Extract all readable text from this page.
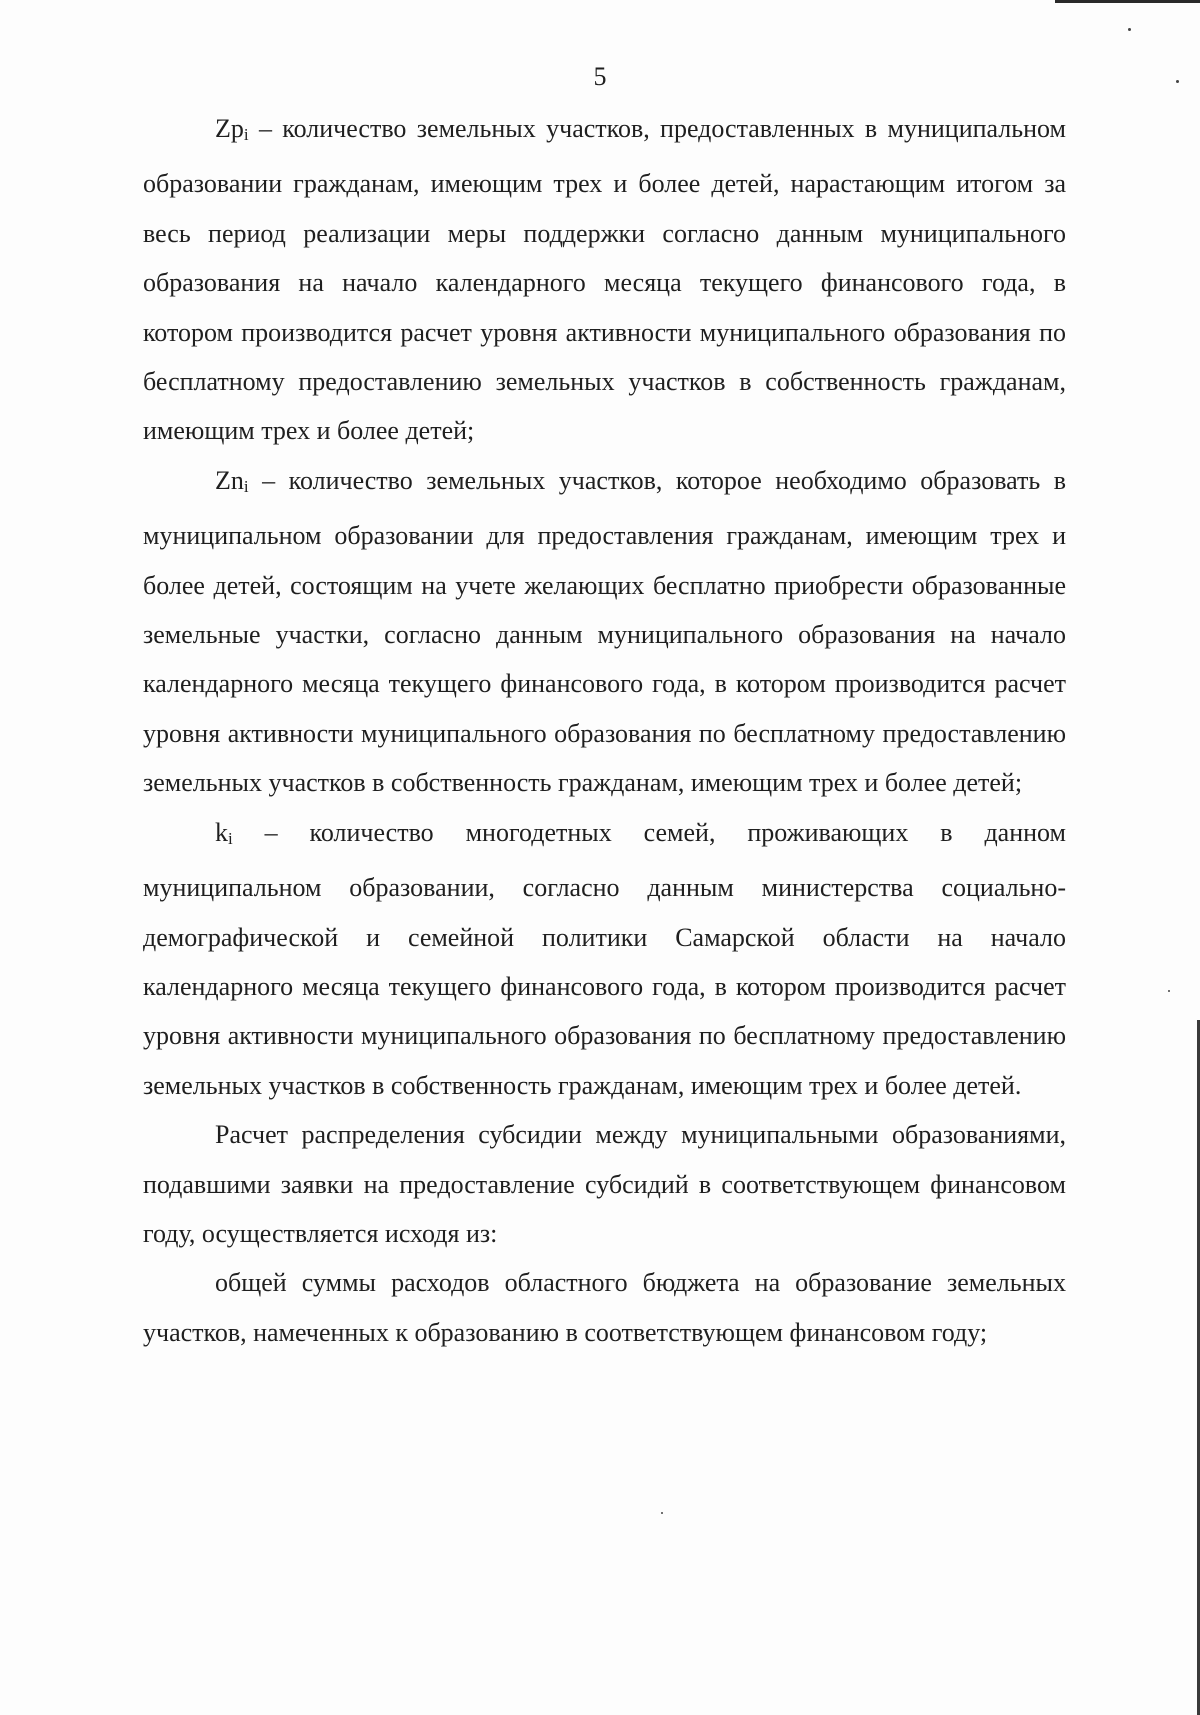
5

Zpi – количество земельных участков, предоставленных в муниципальном образовании гражданам, имеющим трех и более детей, нарастающим итогом за весь период реализации меры поддержки согласно данным муниципального образования на начало календарного месяца текущего финансового года, в котором производится расчет уровня активности муниципального образования по бесплатному предоставлению земельных участков в собственность гражданам, имеющим трех и более детей;

Zni – количество земельных участков, которое необходимо образовать в муниципальном образовании для предоставления гражданам, имеющим трех и более детей, состоящим на учете желающих бесплатно приобрести образованные земельные участки, согласно данным муниципального образования на начало календарного месяца текущего финансового года, в котором производится расчет уровня активности муниципального образования по бесплатному предоставлению земельных участков в собственность гражданам, имеющим трех и более детей;

ki – количество многодетных семей, проживающих в данном муниципальном образовании, согласно данным министерства социально-демографической и семейной политики Самарской области на начало календарного месяца текущего финансового года, в котором производится расчет уровня активности муниципального образования по бесплатному предоставлению земельных участков в собственность гражданам, имеющим трех и более детей.

Расчет распределения субсидии между муниципальными образованиями, подавшими заявки на предоставление субсидий в соответствующем финансовом году, осуществляется исходя из:

общей суммы расходов областного бюджета на образование земельных участков, намеченных к образованию в соответствующем финансовом году;
